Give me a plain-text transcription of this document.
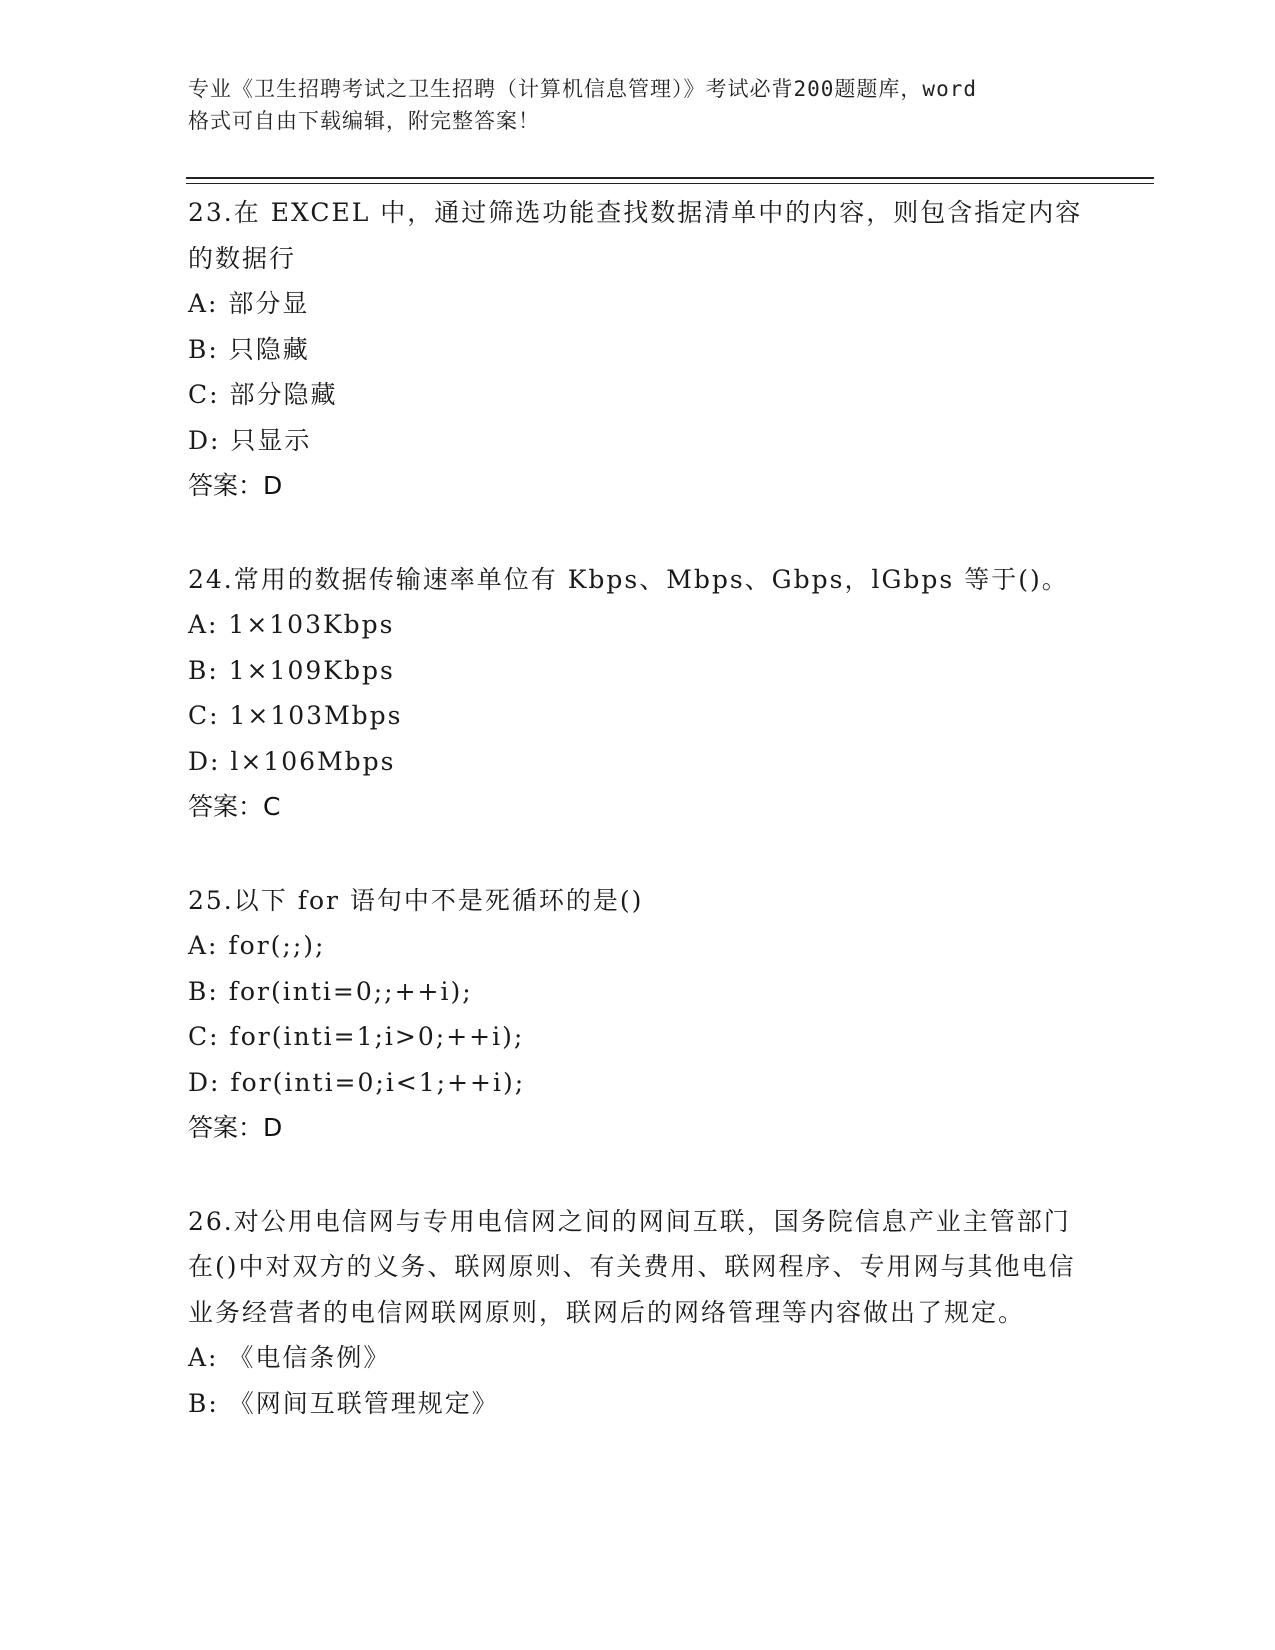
专业《卫生招聘考试之卫生招聘（计算机信息管理）》考试必背200题题库，word
格式可自由下载编辑，附完整答案！
23.在 EXCEL 中，通过筛选功能查找数据清单中的内容，则包含指定内容的数据行
A: 部分显
B: 只隐藏
C: 部分隐藏
D: 只显示
答案：D
24.常用的数据传输速率单位有 Kbps、Mbps、Gbps，lGbps 等于()。
A: 1×103Kbps
B: 1×109Kbps
C: 1×103Mbps
D: l×106Mbps
答案：C
25.以下 for 语句中不是死循环的是()
A: for(;;);
B: for(inti=0;;++i);
C: for(inti=1;i>0;++i);
D: for(inti=0;i<1;++i);
答案：D
26.对公用电信网与专用电信网之间的网间互联，国务院信息产业主管部门在()中对双方的义务、联网原则、有关费用、联网程序、专用网与其他电信业务经营者的电信网联网原则，联网后的网络管理等内容做出了规定。
A: 《电信条例》
B: 《网间互联管理规定》
